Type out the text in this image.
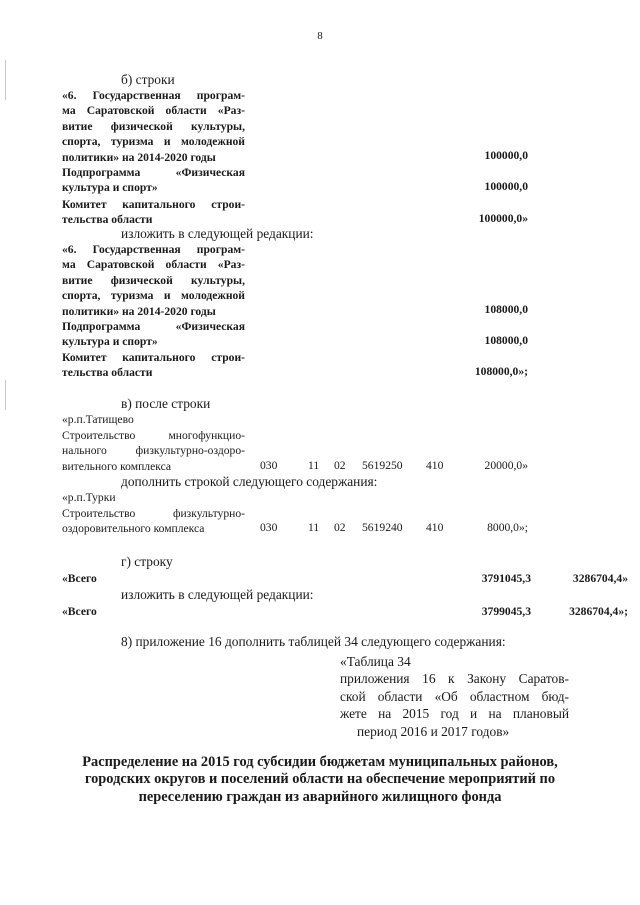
8
б) строки
«6. Государственная програм-
ма Саратовской области «Раз-
витие физической культуры,
спорта, туризма и молодежной
политики» на 2014-2020 годы	100000,0
Подпрограмма «Физическая
культура и спорт»	100000,0
Комитет капитального строи-
тельства области	100000,0»
изложить в следующей редакции:
«6. Государственная програм-
ма Саратовской области «Раз-
витие физической культуры,
спорта, туризма и молодежной
политики» на 2014-2020 годы	108000,0
Подпрограмма «Физическая
культура и спорт»	108000,0
Комитет капитального строи-
тельства области	108000,0»;
в) после строки
«р.п.Татищево
Строительство многофункцио-
нального физкультурно-оздоро-
вительного комплекса	030	11 02 5619250 410	20000,0»
дополнить строкой следующего содержания:
«р.п.Турки
Строительство физкультурно-
оздоровительного комплекса	030	11 02 5619240 410	8000,0»;
г) строку
«Всего	3791045,3	3286704,4»
изложить в следующей редакции:
«Всего	3799045,3	3286704,4»;
8) приложение 16 дополнить таблицей 34 следующего содержания:
«Таблица 34
приложения 16 к Закону Саратов-
ской области «Об областном бюд-
жете на 2015 год и на плановый
период 2016 и 2017 годов»
Распределение на 2015 год субсидии бюджетам муниципальных районов, городских округов и поселений области на обеспечение мероприятий по переселению граждан из аварийного жилищного фонда
